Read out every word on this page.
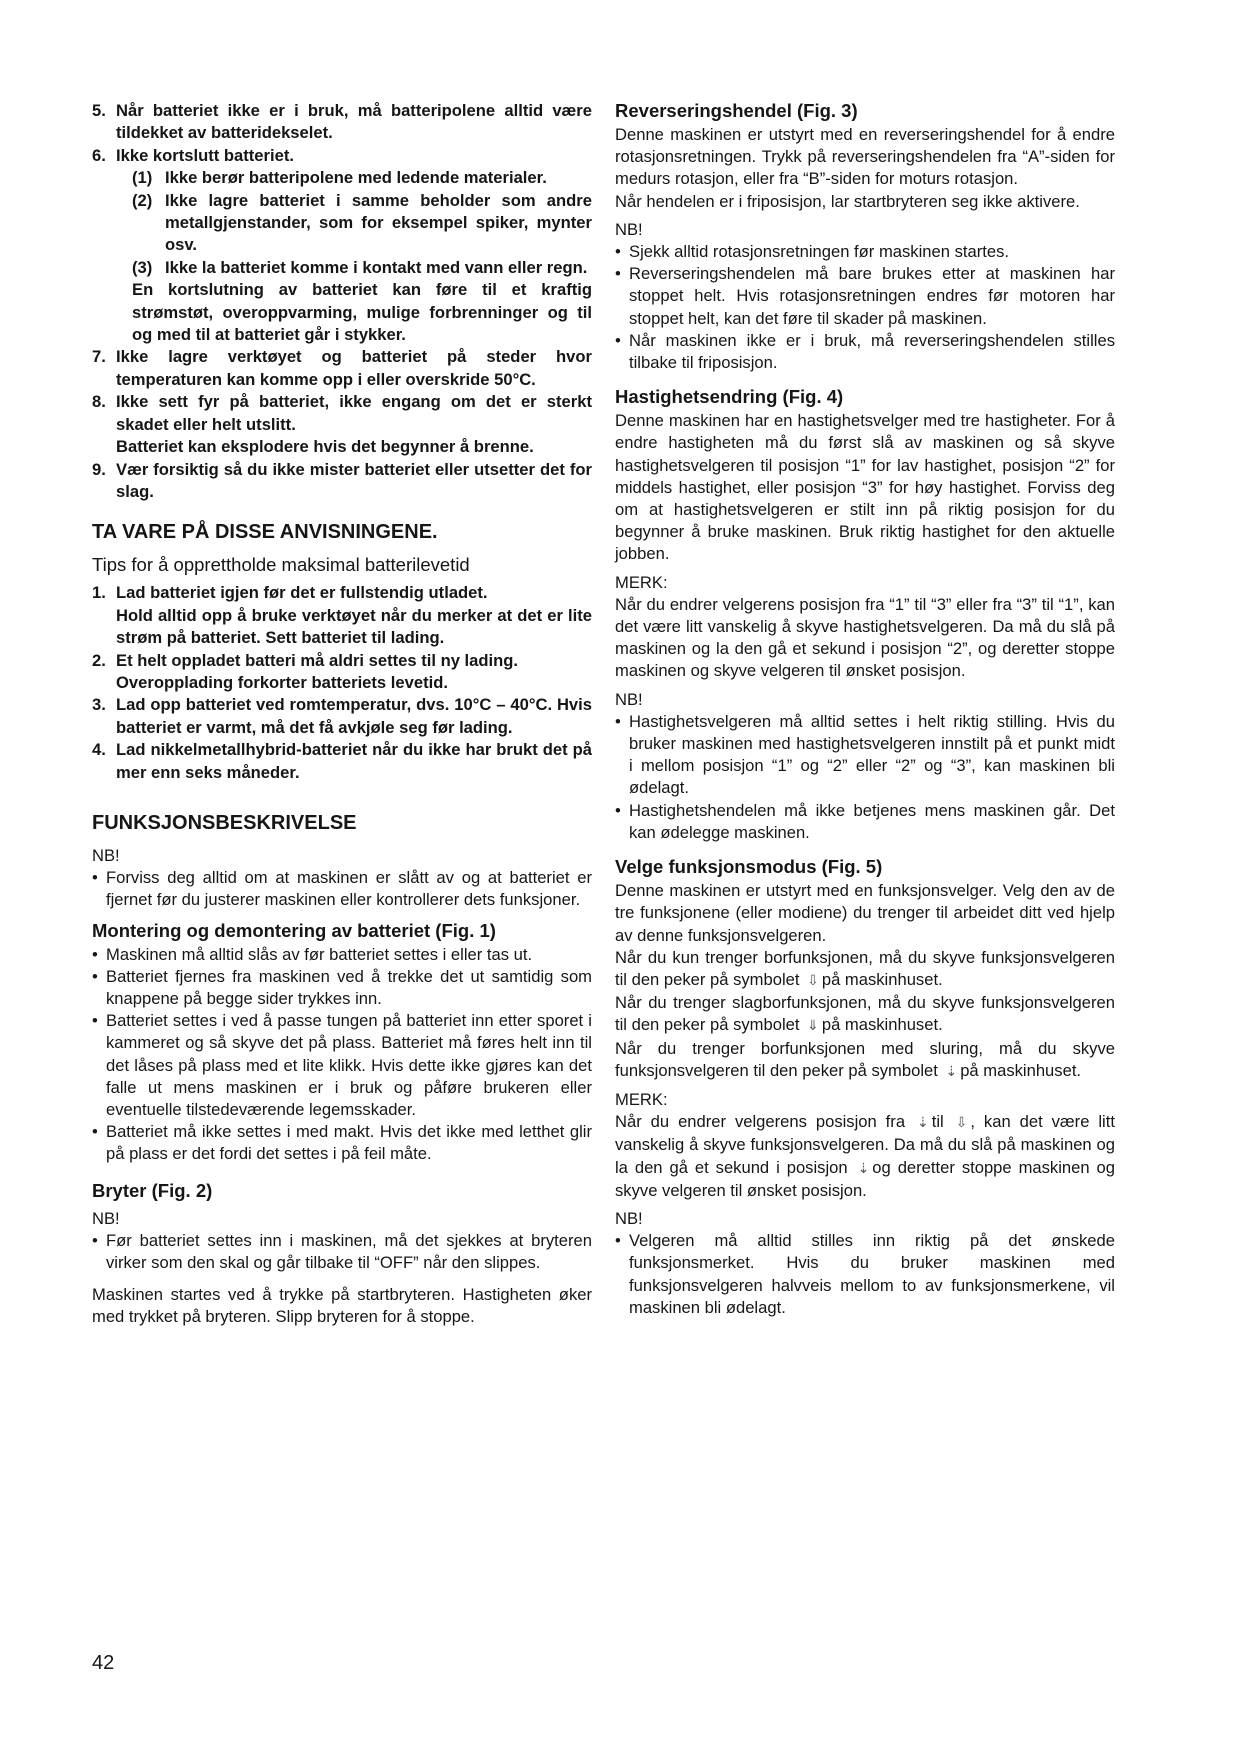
5. Når batteriet ikke er i bruk, må batteripolene alltid være tildekket av batteridekselet.
6. Ikke kortslutt batteriet.
(1) Ikke berør batteripolene med ledende materialer.
(2) Ikke lagre batteriet i samme beholder som andre metallgjenstander, som for eksempel spiker, mynter osv.
(3) Ikke la batteriet komme i kontakt med vann eller regn.
En kortslutning av batteriet kan føre til et kraftig strømstøt, overoppvarming, mulige forbrenninger og til og med til at batteriet går i stykker.
7. Ikke lagre verktøyet og batteriet på steder hvor temperaturen kan komme opp i eller overskride 50°C.
8. Ikke sett fyr på batteriet, ikke engang om det er sterkt skadet eller helt utslitt.
Batteriet kan eksplodere hvis det begynner å brenne.
9. Vær forsiktig så du ikke mister batteriet eller utsetter det for slag.
TA VARE PÅ DISSE ANVISNINGENE.
Tips for å opprettholde maksimal batterilevetid
1. Lad batteriet igjen før det er fullstendig utladet.
Hold alltid opp å bruke verktøyet når du merker at det er lite strøm på batteriet. Sett batteriet til lading.
2. Et helt oppladet batteri må aldri settes til ny lading.
Overopplading forkorter batteriets levetid.
3. Lad opp batteriet ved romtemperatur, dvs. 10°C – 40°C. Hvis batteriet er varmt, må det få avkjøle seg før lading.
4. Lad nikkelmetallhybrid-batteriet når du ikke har brukt det på mer enn seks måneder.
FUNKSJONSBESKRIVELSE
NB!
• Forviss deg alltid om at maskinen er slått av og at batteriet er fjernet før du justerer maskinen eller kontrollerer dets funksjoner.
Montering og demontering av batteriet (Fig. 1)
• Maskinen må alltid slås av før batteriet settes i eller tas ut.
• Batteriet fjernes fra maskinen ved å trekke det ut samtidig som knappene på begge sider trykkes inn.
• Batteriet settes i ved å passe tungen på batteriet inn etter sporet i kammeret og så skyve det på plass. Batteriet må føres helt inn til det låses på plass med et lite klikk. Hvis dette ikke gjøres kan det falle ut mens maskinen er i bruk og påføre brukeren eller eventuelle tilstedeværende legemsskader.
• Batteriet må ikke settes i med makt. Hvis det ikke med letthet glir på plass er det fordi det settes i på feil måte.
Bryter (Fig. 2)
NB!
• Før batteriet settes inn i maskinen, må det sjekkes at bryteren virker som den skal og går tilbake til “OFF” når den slippes.

Maskinen startes ved å trykke på startbryteren. Hastigheten øker med trykket på bryteren. Slipp bryteren for å stoppe.

Reverseringshendel (Fig. 3)

Denne maskinen er utstyrt med en reverseringshendel for å endre rotasjonsretningen. Trykk på reverseringshendelen fra “A”-siden for medurs rotasjon, eller fra “B”-siden for moturs rotasjon.

Når hendelen er i friposisjon, lar startbryteren seg ikke aktivere.

NB!
• Sjekk alltid rotasjonsretningen før maskinen startes.
• Reverseringshendelen må bare brukes etter at maskinen har stoppet helt. Hvis rotasjonsretningen endres før motoren har stoppet helt, kan det føre til skader på maskinen.
• Når maskinen ikke er i bruk, må reverseringshendelen stilles tilbake til friposisjon.
Hastighetsendring (Fig. 4)

Denne maskinen har en hastighetsvelger med tre hastigheter. For å endre hastigheten må du først slå av maskinen og så skyve hastighetsvelgeren til posisjon “1” for lav hastighet, posisjon “2” for middels hastighet, eller posisjon “3” for høy hastighet. Forviss deg om at hastighetsvelgeren er stilt inn på riktig posisjon for du begynner å bruke maskinen. Bruk riktig hastighet for den aktuelle jobben.

MERK:

Når du endrer velgerens posisjon fra “1” til “3” eller fra “3” til “1”, kan det være litt vanskelig å skyve hastighetsvelgeren. Da må du slå på maskinen og la den gå et sekund i posisjon “2”, og deretter stoppe maskinen og skyve velgeren til ønsket posisjon.

NB!
• Hastighetsvelgeren må alltid settes i helt riktig stilling. Hvis du bruker maskinen med hastighetsvelgeren innstilt på et punkt midt i mellom posisjon “1” og “2” eller “2” og “3”, kan maskinen bli ødelagt.
• Hastighetshendelen må ikke betjenes mens maskinen går. Det kan ødelegge maskinen.
Velge funksjonsmodus (Fig. 5)

Denne maskinen er utstyrt med en funksjonsvelger. Velg den av de tre funksjonene (eller modiene) du trenger til arbeidet ditt ved hjelp av denne funksjonsvelgeren.

Når du kun trenger borfunksjonen, må du skyve funksjonsvelgeren til den peker på symbolet ⇩ på maskinhuset.

Når du trenger slagborfunksjonen, må du skyve funksjonsvelgeren til den peker på symbolet ⇓ på maskinhuset.

Når du trenger borfunksjonen med sluring, må du skyve funksjonsvelgeren til den peker på symbolet ⇣ på maskinhuset.

MERK:

Når du endrer velgerens posisjon fra ⇣ til ⇩ , kan det være litt vanskelig å skyve funksjonsvelgeren. Da må du slå på maskinen og la den gå et sekund i posisjon ⇣ og deretter stoppe maskinen og skyve velgeren til ønsket posisjon.

NB!
• Velgeren må alltid stilles inn riktig på det ønskede funksjonsmerket. Hvis du bruker maskinen med funksjonsvelgeren halvveis mellom to av funksjonsmerkene, vil maskinen bli ødelagt.
42
